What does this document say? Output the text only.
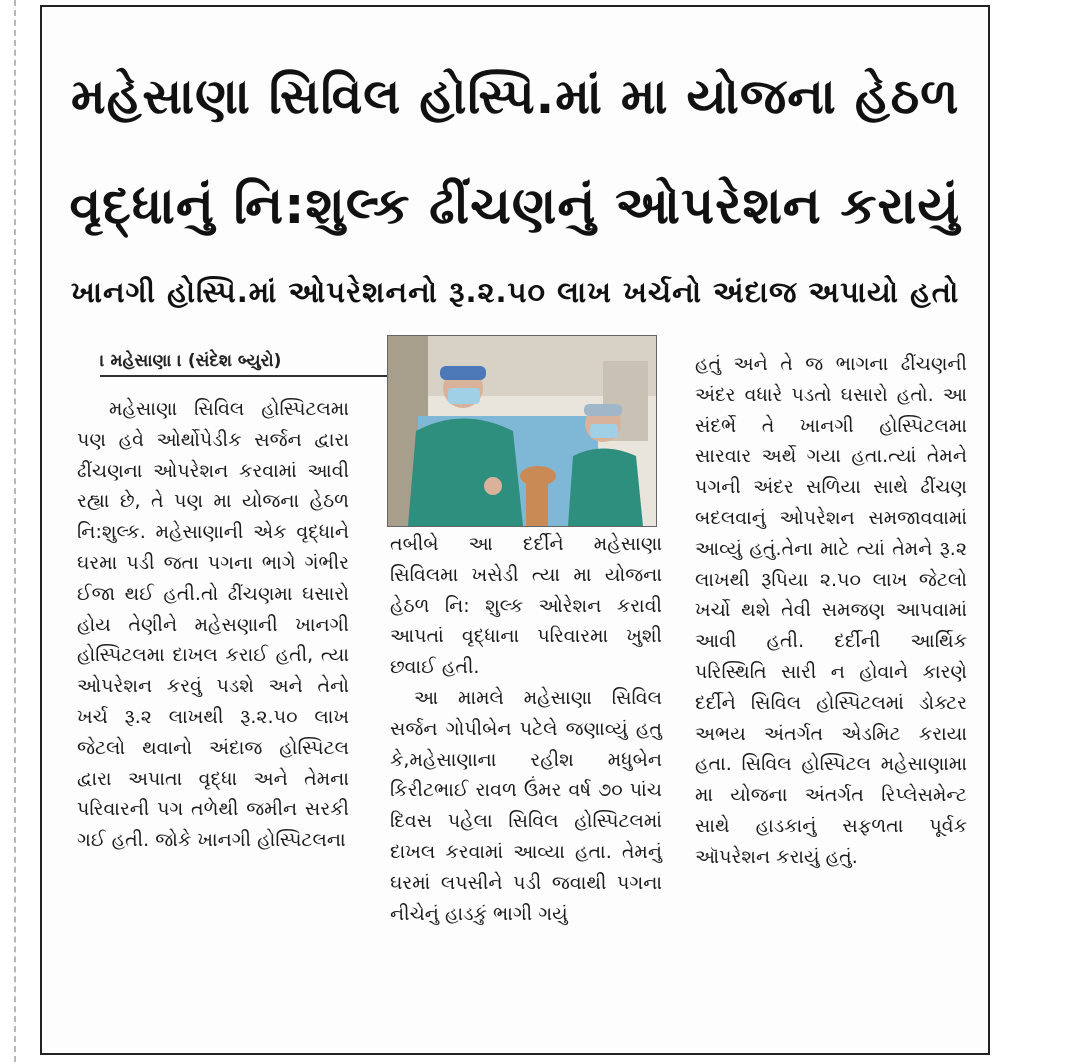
મહેસાણા સિવિલ હોસ્પિ.માં મા યોજના હેઠળ
વૃદ્ધાનું નિ:શુલ્ક ઢીંચણનું ઓપરેશન કરાયું
ખાનગી હોસ્પિ.માં ઓપરેશનનો રૂ.૨.૫૦ લાખ ખર્ચનો અંદાજ અપાયો હતો
। મહેસાણા । (સંદેશ બ્યુરો)

મહેસાણા સિવિલ હોસ્પિટલમા પણ હવે ઓર્થોપેડીક સર્જન દ્વારા ઢીંચણના ઓપરેશન કરવામાં આવી રહ્યા છે, તે પણ મા યોજના હેઠળ નિ:શુલ્ક. મહેસાણાની એક વૃદ્ધાને ઘરમા પડી જતા પગના ભાગે ગંભીર ઈજા થઈ હતી.તો ઢીંચણમા ઘસારો હોય તેણીને મહેસણાની ખાનગી હોસ્પિટલમા દાખલ કરાઈ હતી, ત્યા ઓપરેશન કરવું પડશે અને તેનો ખર્ચ રૂ.૨ લાખથી રૂ.૨.૫૦ લાખ જેટલો થવાનો અંદાજ હોસ્પિટલ દ્વારા અપાતા વૃદ્ધા અને તેમના પરિવારની પગ તળેથી જમીન સરકી ગઈ હતી. જોકે ખાનગી હોસ્પિટલના

તબીબે આ દર્દીને મહેસાણા સિવિલમા ખસેડી ત્યા મા યોજના હેઠળ નિ: શુલ્ક ઓરેશન કરાવી આપતાં વૃદ્ધાના પરિવારમા ખુશી છવાઈ હતી.

આ મામલે મહેસાણા સિવિલ સર્જન ગોપીબેન પટેલે જણાવ્યું હતુ કે,મહેસાણાના રહીશ મધુબેન કિરીટભાઈ રાવળ ઉંમર વર્ષ ૭૦ પાંચ દિવસ પહેલા સિવિલ હોસ્પિટલમાં દાખલ કરવામાં આવ્યા હતા. તેમનું ઘરમાં લપસીને પડી જવાથી પગના નીચેનું હાડકું ભાગી ગયું

હતું અને તે જ ભાગના ઢીંચણની અંદર વધારે પડતો ઘસારો હતો. આ સંદર્ભે તે ખાનગી હોસ્પિટલમા સારવાર અર્થે ગયા હતા.ત્યાં તેમને પગની અંદર સળિયા સાથે ઢીંચણ બદલવાનું ઓપરેશન સમજાવવામાં આવ્યું હતું.તેના માટે ત્યાં તેમને રૂ.૨ લાખથી રૂપિયા ૨.૫૦ લાખ જેટલો ખર્ચો થશે તેવી સમજણ આપવામાં આવી હતી. દર્દીની આર્થિક પરિસ્થિતિ સારી ન હોવાને કારણે દર્દીને સિવિલ હોસ્પિટલમાં ડોક્ટર અભય અંતર્ગત એડમિટ કરાયા હતા. સિવિલ હોસ્પિટલ મહેસાણામા મા યોજના અંતર્ગત રિપ્લેસમેન્ટ સાથે હાડકાનું સફળતા પૂર્વક ઑપરેશન કરાયું હતું.
